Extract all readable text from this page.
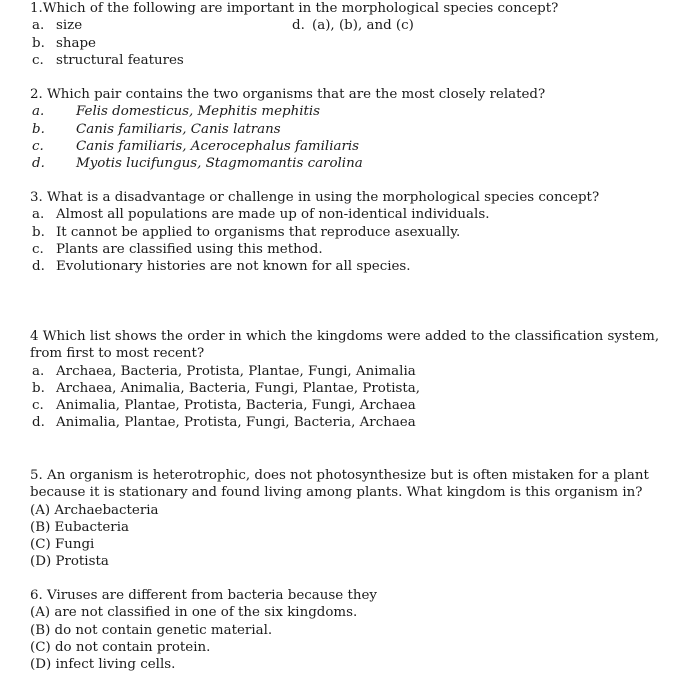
1.Which of the following are important in the morphological species concept?
a. size	d. (a), (b), and (c)
b. shape
c. structural features
2. Which pair contains the two organisms that are the most closely related?
a. Felis domesticus, Mephitis mephitis
b. Canis familiaris, Canis latrans
c. Canis familiaris, Acerocephalus familiaris
d. Myotis lucifungus, Stagmomantis carolina
3. What is a disadvantage or challenge in using the morphological species concept?
a. Almost all populations are made up of non-identical individuals.
b. It cannot be applied to organisms that reproduce asexually.
c. Plants are classified using this method.
d. Evolutionary histories are not known for all species.
4 Which list shows the order in which the kingdoms were added to the classification system, from first to most recent?
a. Archaea, Bacteria, Protista, Plantae, Fungi, Animalia
b. Archaea, Animalia, Bacteria, Fungi, Plantae, Protista,
c. Animalia, Plantae, Protista, Bacteria, Fungi, Archaea
d. Animalia, Plantae, Protista, Fungi, Bacteria, Archaea
5. An organism is heterotrophic, does not photosynthesize but is often mistaken for a plant because it is stationary and found living among plants. What kingdom is this organism in?
(A) Archaebacteria
(B) Eubacteria
(C) Fungi
(D) Protista
6. Viruses are different from bacteria because they
(A) are not classified in one of the six kingdoms.
(B) do not contain genetic material.
(C) do not contain protein.
(D) infect living cells.
